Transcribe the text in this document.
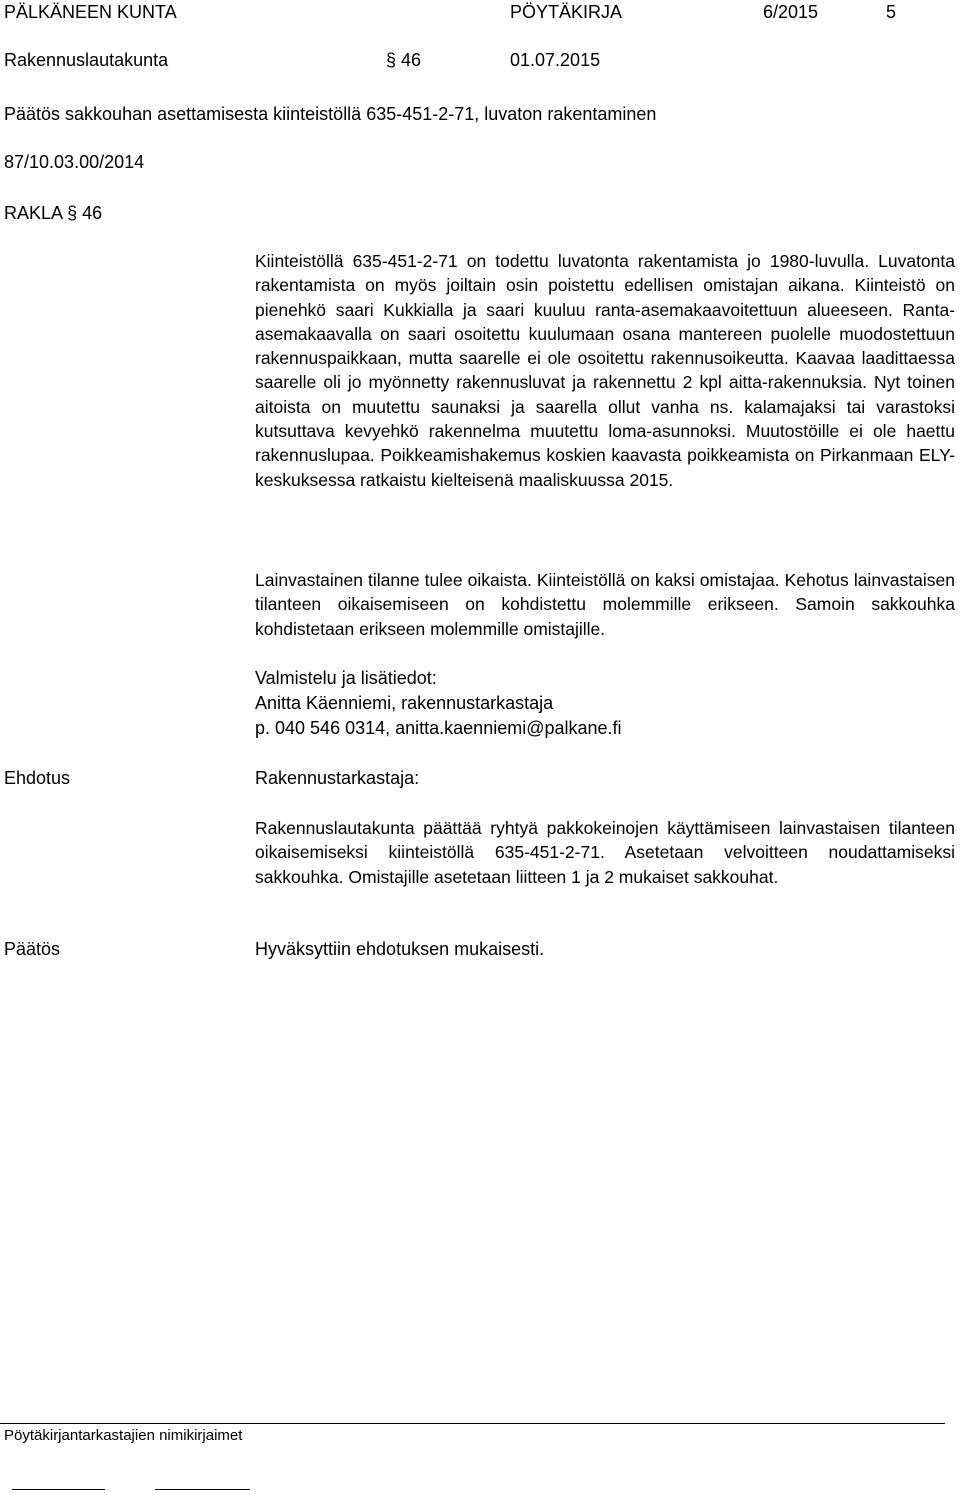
PÄLKÄNEEN KUNTA	PÖYTÄKIRJA	6/2015	5
Rakennuslautakunta	§ 46	01.07.2015
Päätös sakkouhan asettamisesta kiinteistöllä 635-451-2-71, luvaton rakentaminen
87/10.03.00/2014
RAKLA § 46

Kiinteistöllä 635-451-2-71 on todettu luvatonta rakentamista jo 1980-luvulla. Luvatonta rakentamista on myös joiltain osin poistettu edellisen omistajan aikana. Kiinteistö on pienehkö saari Kukkialla ja saari kuuluu ranta-asemakaavoitettuun alueeseen. Ranta-asemakaavalla on saari osoitettu kuulumaan osana mantereen puolelle muodostettuun rakennuspaikkaan, mutta saarelle ei ole osoitettu rakennusoikeutta. Kaavaa laadittaessa saarelle oli jo myönnetty rakennusluvat ja rakennettu 2 kpl aitta-rakennuksia. Nyt toinen aitoista on muutettu saunaksi ja saarella ollut vanha ns. kalamajaksi tai varastoksi kutsuttava kevyehkö rakennelma muutettu loma-asunnoksi. Muutostöille ei ole haettu rakennuslupaa. Poikkeamishakemus koskien kaavasta poikkeamista on Pirkanmaan ELY-keskuksessa ratkaistu kielteisenä maaliskuussa 2015.

Lainvastainen tilanne tulee oikaista. Kiinteistöllä on kaksi omistajaa. Kehotus lainvastaisen tilanteen oikaisemiseen on kohdistettu molemmille erikseen. Samoin sakkouhka kohdistetaan erikseen molemmille omistajille.

Valmistelu ja lisätiedot:
Anitta Käenniemi, rakennustarkastaja
p. 040 546 0314, anitta.kaenniemi@palkane.fi
Ehdotus	Rakennustarkastaja:

Rakennuslautakunta päättää ryhtyä pakkokeinojen käyttämiseen lainvastaisen tilanteen oikaisemiseksi kiinteistöllä 635-451-2-71. Asetetaan velvoitteen noudattamiseksi sakkouhka. Omistajille asetetaan liitteen 1 ja 2 mukaiset sakkouhat.

Päätös	Hyväksyttiin ehdotuksen mukaisesti.
Pöytäkirjantarkastajien nimikirjaimet
